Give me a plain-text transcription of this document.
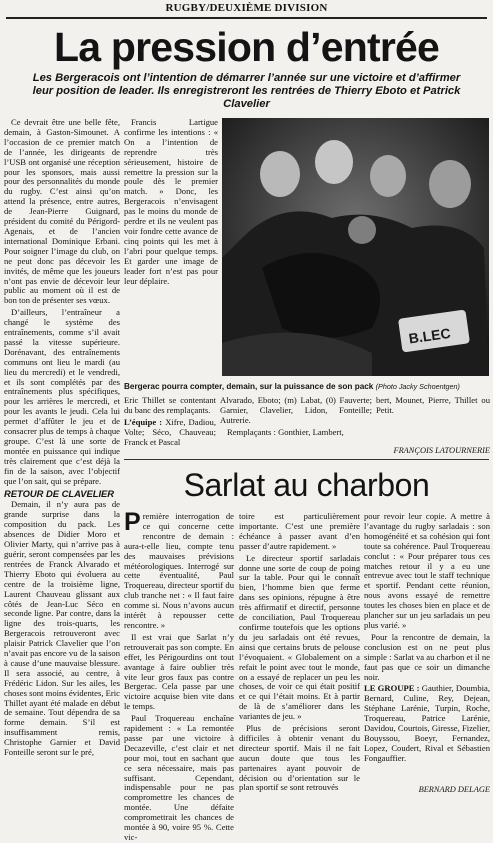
RUGBY/DEUXIÈME DIVISION
La pression d’entrée
Les Bergeracois ont l’intention de démarrer l’année sur une victoire et d’affirmer leur position de leader. Ils enregistreront les rentrées de Thierry Eboto et Patrick Clavelier

Ce devrait être une belle fête, demain, à Gaston-Simounet. A l’occasion de ce premier match de l’année, les dirigeants de l’USB ont organisé une réception pour les sponsors, mais aussi pour des personnalités du monde du rugby. C’est ainsi qu’on attend la présence, entre autres, de Jean-Pierre Guignard, président du comité du Périgord-Agenais, et de l’ancien international Dominique Erbani. Pour soigner l’image du club, on ne peut donc pas décevoir les invités, de même que les joueurs n’ont pas envie de décevoir leur public au moment où il est de bon ton de présenter ses vœux.

D’ailleurs, l’entraîneur a changé le système des entraînements, comme s’il avait passé la vitesse supérieure. Dorénavant, des entraînements communs ont lieu le mardi (au lieu du mercredi) et le vendredi, et ils sont complétés par des entraînements plus spécifiques, pour les arrières le mercredi, et pour les avants le jeudi. Cela lui permet d’affûter le jeu et de consacrer plus de temps à chaque groupe. C’est là une sorte de montée en puissance qui indique très clairement que c’est déjà la fin de la saison, avec l’objectif que l’on sait, qui se prépare.

RETOUR DE CLAVELIER

Demain, il n’y aura pas de grande surprise dans la composition du pack. Les absences de Didier Moro et Olivier Marty, qui n’arrive pas à guérir, seront compensées par les rentrées de Franck Alvarado et Thierry Eboto qui évoluera au centre de la troisième ligne, Laurent Chauveau glissant aux côtés de Jean-Luc Séco en seconde ligne. Par contre, dans la ligne des trois-quarts, les Bergeracois retrouveront avec plaisir Patrick Clavelier que l’on n’avait pas encore vu de la saison à cause d’une mauvaise blessure. Il sera associé, au centre, à Frédéric Lidon. Sur les ailes, les choses sont moins évidentes, Eric Thillet ayant été malade en début de semaine. Tout dépendra de sa forme demain. S’il est insuffisamment remis, Christophe Garnier et David Fonteille seront sur le pré,

Francis Lartigue confirme les intentions : « On a l’intention de reprendre très sérieusement, histoire de remettre la pression sur la poule dès le premier match. » Donc, les Bergeracois n’envisagent pas le moins du monde de perdre et ils ne veulent pas voir fondre cette avance de cinq points qui les met à l’abri pour quelque temps. Et garder une image de leader fort n’est pas pour leur déplaire.

B.LEC
Bergerac pourra compter, demain, sur la puissance de son pack (Photo Jacky Schoentgen)

Eric Thillet se contentant du banc des remplaçants.

L’équipe : Xifre, Dadiou, Volte; Séco, Chauveau; Franck et Pascal

Alvarado, Eboto; (m) Labat, (0) Fauverte; Garnier, Clavelier, Lidon, Fonteille; Autrerie.

Remplaçants : Gonthier, Lambert,

bert, Mounet, Pierre, Thillet ou Petit.

FRANÇOIS LATOURNERIE
Sarlat au charbon

Première interrogation de ce qui concerne cette rencontre de demain : aura-t-elle lieu, compte tenu des mauvaises prévisions météorologiques. Interrogé sur cette éventualité, Paul Troquereau, directeur sportif du club tranche net : « Il faut faire comme si. Nous n’avons aucun intérêt à repousser cette rencontre. »

Il est vrai que Sarlat n’y retrouverait pas son compte. En effet, les Périgourdins ont tout avantage à faire oublier très vite leur gros faux pas contre Bergerac. Cela passe par une victoire acquise bien vite dans le temps.

Paul Troquereau enchaîne rapidement : « La remontée passe par une victoire à Decazeville, c’est clair et net pour moi, tout en sachant que ce sera nécessaire, mais pas suffisant. Cependant, indispensable pour ne pas compromettre les chances de montée. Une défaite compromettrait les chances de montée à 90, voire 95 %. Cette vic-

toire est particulièrement importante. C’est une première échéance à passer avant d’en passer d’autre rapidement. »

Le directeur sportif sarladais donne une sorte de coup de poing sur la table. Pour qui le connaît bien, l’homme bien que ferme dans ses opinions, répugne à être très affirmatif et directif, personne de conciliation, Paul Troquereau confirme toutefois que les options du jeu sarladais ont été revues, ainsi que certains bruts de pelouse l’évoquaient. « Globalement on a refait le point avec tout le monde, on a essayé de replacer un peu les choses, de voir ce qui était positif et ce qui l’était moins. Et à partir de là de s’améliorer dans les variantes de jeu. »

Plus de précisions seront difficiles à obtenir venant du directeur sportif. Mais il ne fait aucun doute que tous les partenaires ayant pouvoir de décision ou d’orientation sur le plan sportif se sont retrouvés

pour revoir leur copie. A mettre à l’avantage du rugby sarladais : son homogénéité et sa cohésion qui font toute sa cohérence. Paul Troquereau conclut : « Pour préparer tous ces matches retour il y a eu une entrevue avec tout le staff technique et sportif. Pendant cette réunion, nous avons essayé de remettre toutes les choses bien en place et de plancher sur un jeu sarladais un peu plus varié. »

Pour la rencontre de demain, la conclusion est on ne peut plus simple : Sarlat va au charbon et il ne faut pas que ce soir un dimanche noir.

LE GROUPE : Gauthier, Doumbia, Bernard, Culine, Rey, Dejean, Stéphane Larénie, Turpin, Roche, Troquereau, Patrice Larénie, Davidou, Courtois, Giresse, Fizelier, Bouyssou, Boeyr, Fernandez, Lopez, Coudert, Rival et Sébastien Fongauffier.

BERNARD DELAGE
